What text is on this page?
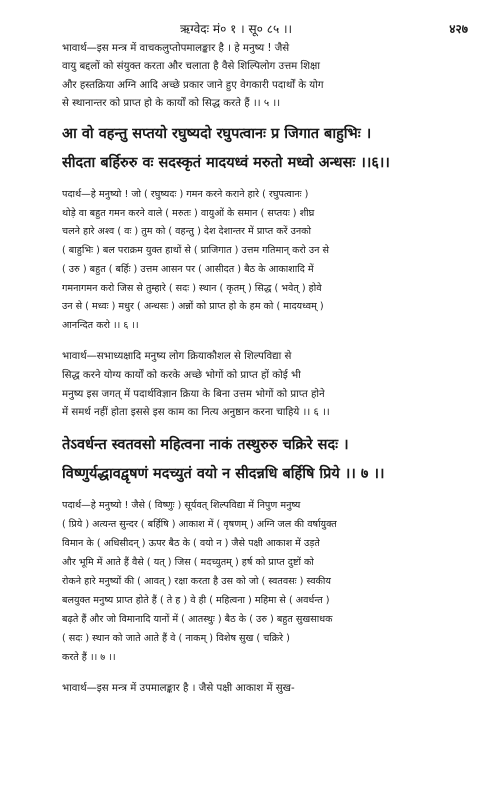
ऋग्वेदः मं० १ । सू० ८५ ।।	४२७
भावार्थ—इस मन्त्र में वाचकलुप्तोपमालङ्कार है । हे मनुष्य ! जैसे
वायु बद्दलों को संयुक्त करता और चलाता है वैसे शिल्पिलोग उत्तम शिक्षा
और हस्तक्रिया अग्नि आदि अच्छे प्रकार जाने हुए वेगकारी पदार्थों के योग
से स्थानान्तर को प्राप्त हो के कार्यों को सिद्ध करते हैं ।। ५ ।।
आ वो वहन्तु सप्तयो रघुष्यदो रघुपत्वानः प्र जिगात बाहुभिः ।
सीदता बर्हिरुरु वः सदस्कृतं मादयध्वं मरुतो मध्वो अन्धसः ।।६।।
पदार्थ—हे मनुष्यो ! जो ( रघुष्यदः ) गमन करने कराने हारे ( रघुपत्वानः )
थोड़े वा बहुत गमन करने वाले ( मरुतः ) वायुओं के समान ( सप्तयः ) शीघ्र
चलने हारे अश्व ( वः ) तुम को ( वहन्तु ) देश देशान्तर में प्राप्त करें उनको
( बाहुभिः ) बल पराक्रम युक्त हाथों से ( प्राजिगात ) उत्तम गतिमान् करो उन से
( उरु ) बहुत ( बर्हिः ) उत्तम आसन पर ( आसीदत ) बैठ के आकाशादि में
गमनागमन करो जिस से तुम्हारे ( सदः ) स्थान ( कृतम् ) सिद्ध ( भवेत् ) होवे
उन से ( मध्वः ) मधुर ( अन्धसः ) अन्नों को प्राप्त हो के हम को ( मादयध्वम् )
आनन्दित करो ।। ६ ।।
भावार्थ—सभाध्यक्षादि मनुष्य लोग क्रियाकौशल से शिल्पविद्या से
सिद्ध करने योग्य कार्यों को करके अच्छे भोगों को प्राप्त हों कोई भी
मनुष्य इस जगत् में पदार्थविज्ञान क्रिया के बिना उत्तम भोगों को प्राप्त होने
में समर्थ नहीं होता इससे इस काम का नित्य अनुष्ठान करना चाहिये ।। ६ ।।
तेऽवर्धन्त स्वतवसो महित्वना नाकं तस्थुरुरु चक्रिरे सदः ।
विष्णुर्यद्धावद्वृषणं मदच्युतं वयो न सीदन्नधि बर्हिषि प्रिये ।। ७ ।।
पदार्थ—हे मनुष्यो ! जैसे ( विष्णुः ) सूर्यवत् शिल्पविद्या में निपुण मनुष्य
( प्रिये ) अत्यन्त सुन्दर ( बर्हिषि ) आकाश में ( वृषणम् ) अग्नि जल की वर्षायुक्त
विमान के ( अधिसीदन् ) ऊपर बैठ के ( वयो न ) जैसे पक्षी आकाश में उड़ते
और भूमि में आते हैं वैसे ( यत् ) जिस ( मदच्युतम् ) हर्ष को प्राप्त दुष्टों को
रोकने हारे मनुष्यों की ( आवत् ) रक्षा करता है उस को जो ( स्वतवसः ) स्वकीय
बलयुक्त मनुष्य प्राप्त होते हैं ( ते ह ) वे ही ( महित्वना ) महिमा से ( अवर्धन्त )
बढ़ते हैं और जो विमानादि यानों में ( आतस्थुः ) बैठ के ( उरु ) बहुत सुखसाधक
( सदः ) स्थान को जाते आते हैं वे ( नाकम् ) विशेष सुख ( चक्रिरे )
करते हैं ।। ७ ।।
भावार्थ—इस मन्त्र में उपमालङ्कार है । जैसे पक्षी आकाश में सुख-
